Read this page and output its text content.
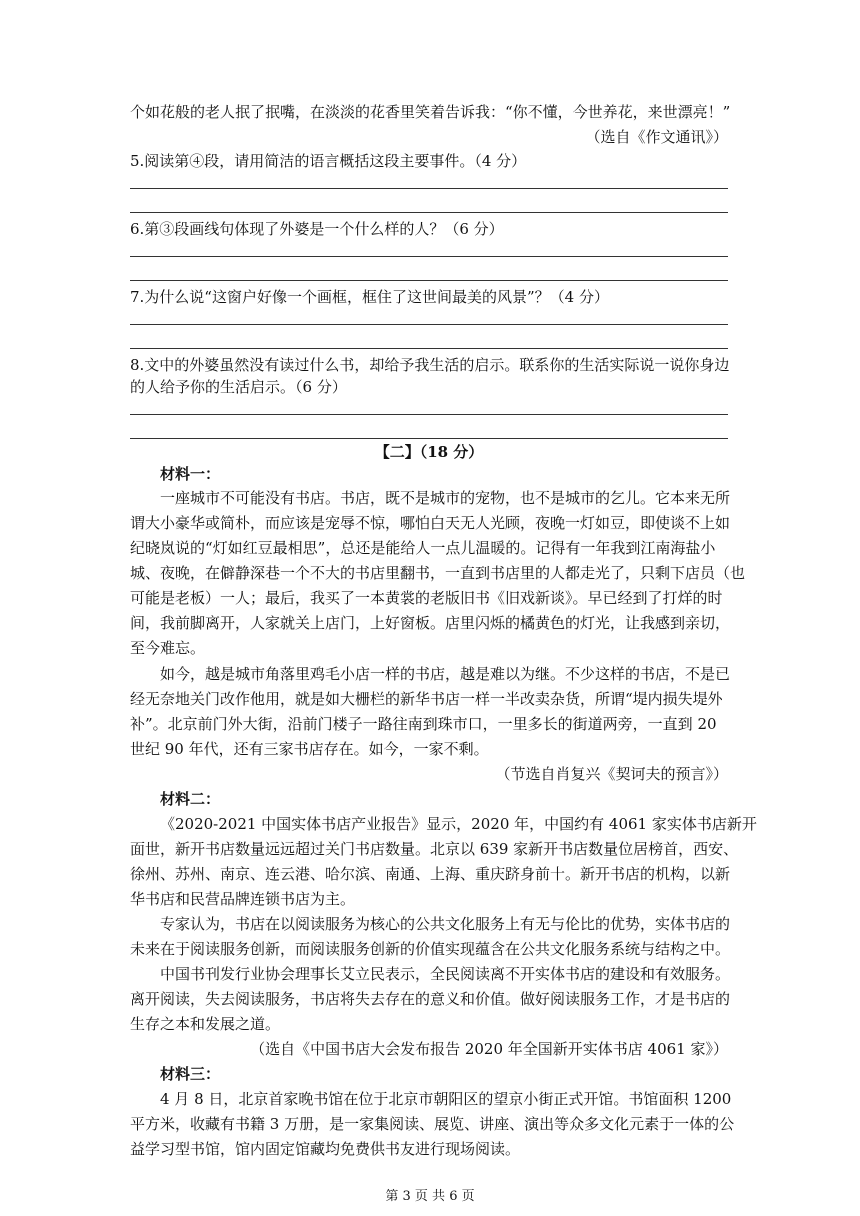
个如花般的老人抿了抿嘴，在淡淡的花香里笑着告诉我：“你不懂，今世养花，来世漂亮！”
（选自《作文通讯》）
5.阅读第④段，请用简洁的语言概括这段主要事件。（4 分）
6.第③段画线句体现了外婆是一个什么样的人？（6 分）
7.为什么说“这窗户好像一个画框，框住了这世间最美的风景”？（4 分）
8.文中的外婆虽然没有读过什么书，却给予我生活的启示。联系你的生活实际说一说你身边
的人给予你的生活启示。（6 分）
【二】（18 分）
材料一：
一座城市不可能没有书店。书店，既不是城市的宠物，也不是城市的乞儿。它本来无所
谓大小豪华或简朴，而应该是宠辱不惊，哪怕白天无人光顾，夜晚一灯如豆，即使谈不上如
纪晓岚说的“灯如红豆最相思”，总还是能给人一点儿温暖的。记得有一年我到江南海盐小
城、夜晚，在僻静深巷一个不大的书店里翻书，一直到书店里的人都走光了，只剩下店员（也
可能是老板）一人；最后，我买了一本黄裳的老版旧书《旧戏新谈》。早已经到了打烊的时
间，我前脚离开，人家就关上店门，上好窗板。店里闪烁的橘黄色的灯光，让我感到亲切，
至今难忘。
如今，越是城市角落里鸡毛小店一样的书店，越是难以为继。不少这样的书店，不是已
经无奈地关门改作他用，就是如大栅栏的新华书店一样一半改卖杂货，所谓“堤内损失堤外
补”。北京前门外大街，沿前门楼子一路往南到珠市口，一里多长的街道两旁，一直到 20
世纪 90 年代，还有三家书店存在。如今，一家不剩。
（节选自肖复兴《契诃夫的预言》）
材料二：
《2020-2021 中国实体书店产业报告》显示，2020 年，中国约有 4061 家实体书店新开
面世，新开书店数量远远超过关门书店数量。北京以 639 家新开书店数量位居榜首，西安、
徐州、苏州、南京、连云港、哈尔滨、南通、上海、重庆跻身前十。新开书店的机构，以新
华书店和民营品牌连锁书店为主。
专家认为，书店在以阅读服务为核心的公共文化服务上有无与伦比的优势，实体书店的
未来在于阅读服务创新，而阅读服务创新的价值实现蕴含在公共文化服务系统与结构之中。
中国书刊发行业协会理事长艾立民表示，全民阅读离不开实体书店的建设和有效服务。
离开阅读，失去阅读服务，书店将失去存在的意义和价值。做好阅读服务工作，才是书店的
生存之本和发展之道。
（选自《中国书店大会发布报告 2020 年全国新开实体书店 4061 家》）
材料三：
4 月 8 日，北京首家晚书馆在位于北京市朝阳区的望京小街正式开馆。书馆面积 1200
平方米，收藏有书籍 3 万册，是一家集阅读、展览、讲座、演出等众多文化元素于一体的公
益学习型书馆，馆内固定馆藏均免费供书友进行现场阅读。
第 3 页 共 6 页
